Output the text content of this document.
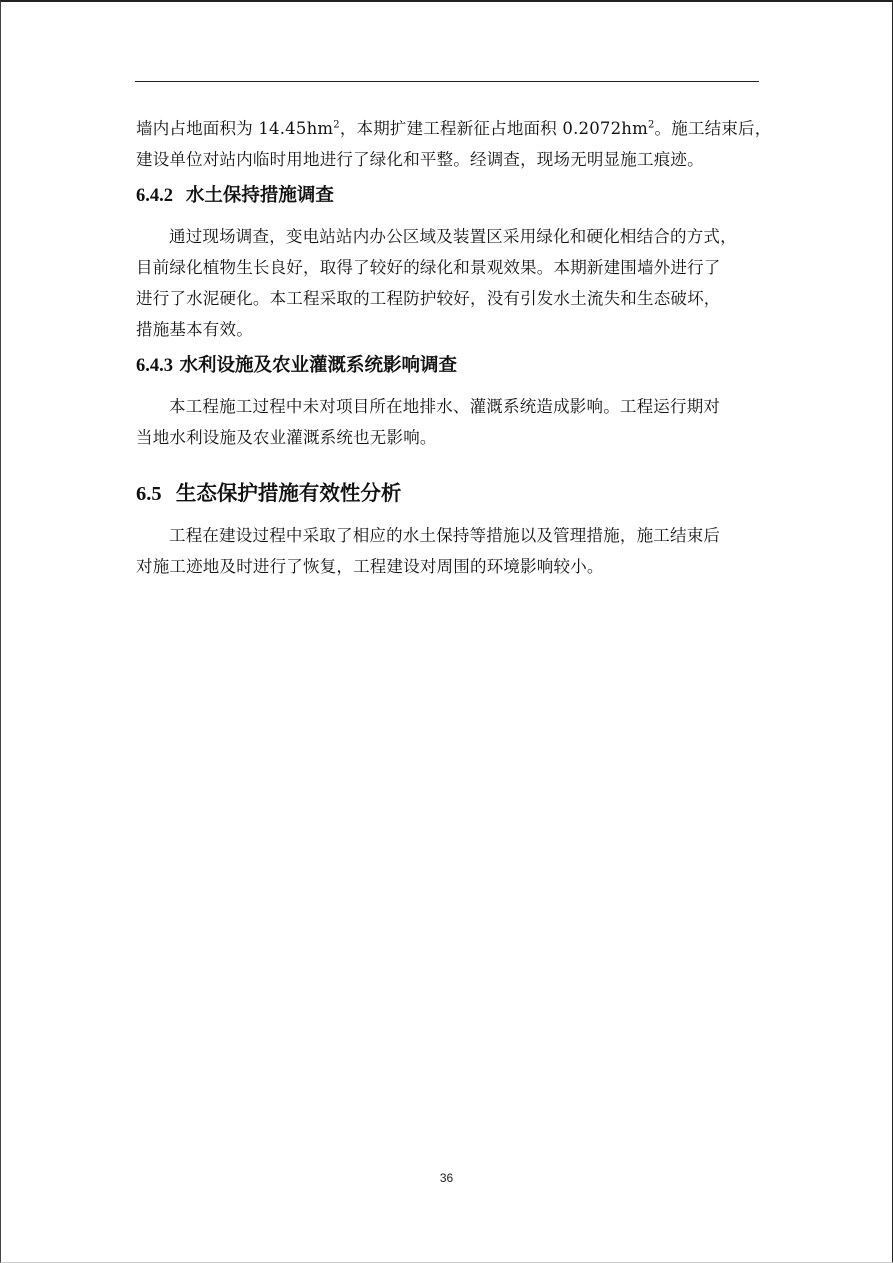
墙内占地面积为 $14.45hm^2$，本期扩建工程新征占地面积 $0.2072hm^2$。施工结束后，
建设单位对站内临时用地进行了绿化和平整。经调查，现场无明显施工痕迹。

6.4.2 水土保持措施调查

通过现场调查，变电站站内办公区域及装置区采用绿化和硬化相结合的方式，
目前绿化植物生长良好，取得了较好的绿化和景观效果。本期新建围墙外进行了
进行了水泥硬化。本工程采取的工程防护较好，没有引发水土流失和生态破坏，
措施基本有效。

6.4.3 水利设施及农业灌溉系统影响调查

本工程施工过程中未对项目所在地排水、灌溉系统造成影响。工程运行期对
当地水利设施及农业灌溉系统也无影响。

6.5 生态保护措施有效性分析

工程在建设过程中采取了相应的水土保持等措施以及管理措施，施工结束后
对施工迹地及时进行了恢复，工程建设对周围的环境影响较小。

36
